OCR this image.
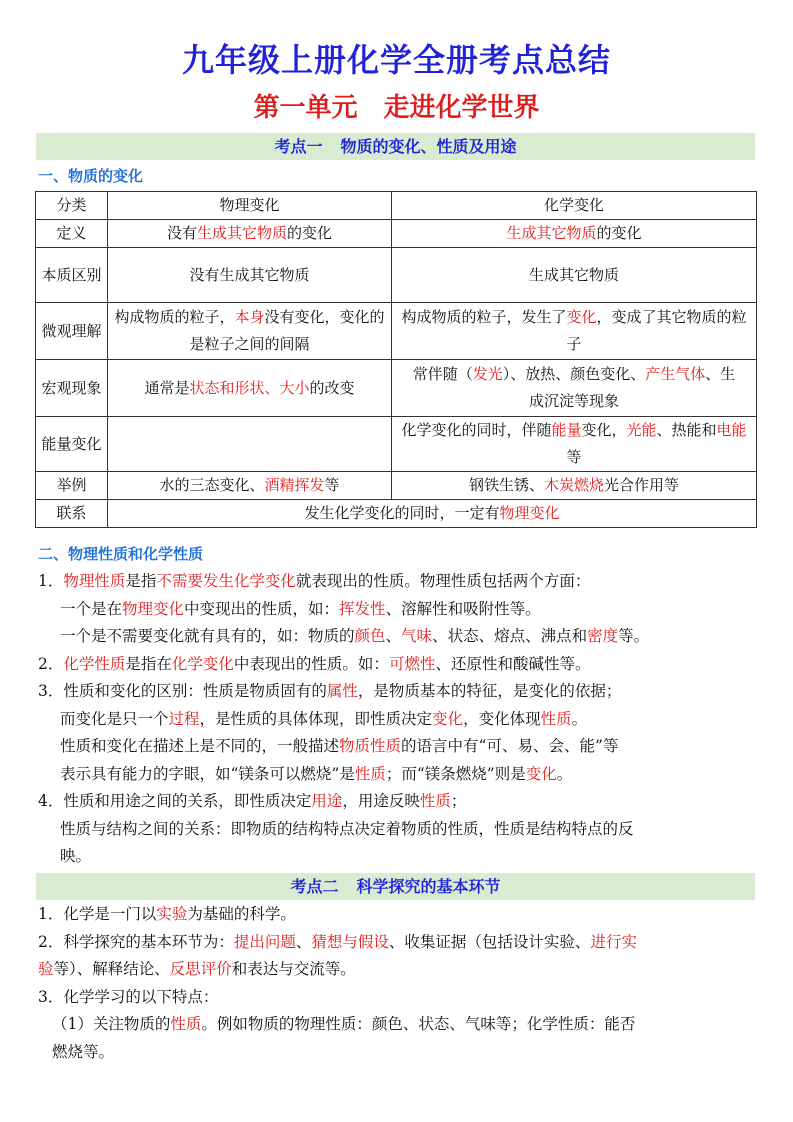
九年级上册化学全册考点总结
第一单元 走进化学世界
考点一 物质的变化、性质及用途
一、物质的变化
分类	物理变化	化学变化
定义	没有生成其它物质的变化	生成其它物质的变化
本质区别	没有生成其它物质	生成其它物质
微观理解	构成物质的粒子，本身没有变化，变化的是粒子之间的间隔	构成物质的粒子，发生了变化，变成了其它物质的粒子
宏观现象	通常是状态和形状、大小的改变	常伴随（发光）、放热、颜色变化、产生气体、生成沉淀等现象
能量变化		化学变化的同时，伴随能量变化，光能、热能和电能等
举例	水的三态变化、酒精挥发等	钢铁生锈、木炭燃烧光合作用等
联系	发生化学变化的同时，一定有物理变化	
二、物理性质和化学性质
1．物理性质是指不需要发生化学变化就表现出的性质。物理性质包括两个方面：
一个是在物理变化中变现出的性质，如：挥发性、溶解性和吸附性等。
一个是不需要变化就有具有的，如：物质的颜色、气味、状态、熔点、沸点和密度等。
2．化学性质是指在化学变化中表现出的性质。如：可燃性、还原性和酸碱性等。
3．性质和变化的区别：性质是物质固有的属性，是物质基本的特征，是变化的依据；
而变化是只一个过程，是性质的具体体现，即性质决定变化，变化体现性质。
性质和变化在描述上是不同的，一般描述物质性质的语言中有“可、易、会、能”等
表示具有能力的字眼，如“镁条可以燃烧”是性质；而“镁条燃烧”则是变化。
4．性质和用途之间的关系，即性质决定用途，用途反映性质；
性质与结构之间的关系：即物质的结构特点决定着物质的性质，性质是结构特点的反
映。
考点二 科学探究的基本环节
1．化学是一门以实验为基础的科学。
2．科学探究的基本环节为：提出问题、猜想与假设、收集证据（包括设计实验、进行实
验等）、解释结论、反思评价和表达与交流等。
3．化学学习的以下特点：
（1）关注物质的性质。例如物质的物理性质：颜色、状态、气味等；化学性质：能否
燃烧等。
